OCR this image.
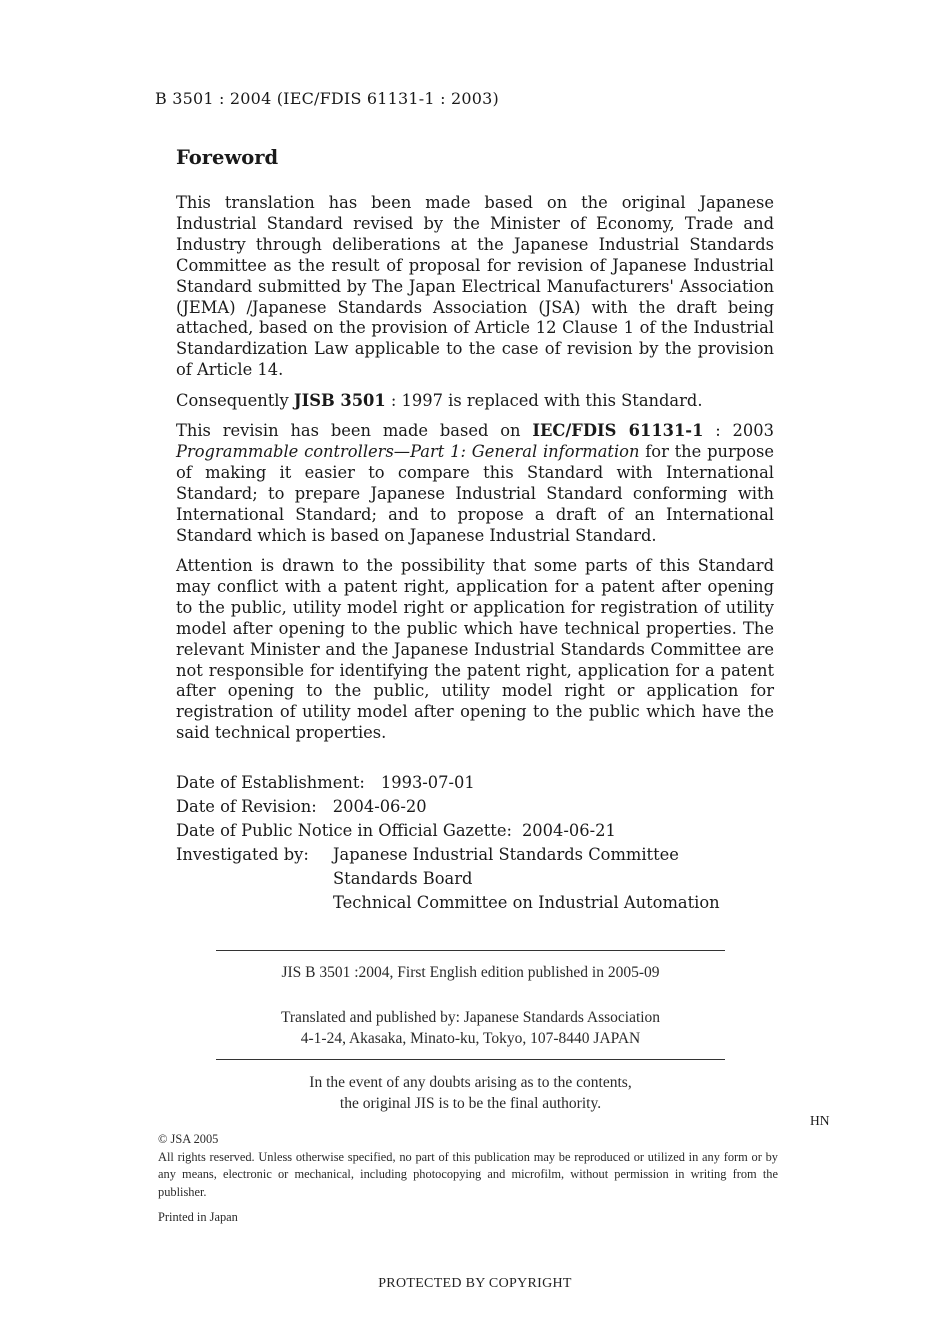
B 3501 : 2004 (IEC/FDIS 61131-1 : 2003)
Foreword

This translation has been made based on the original Japanese Industrial Standard revised by the Minister of Economy, Trade and Industry through deliberations at the Japanese Industrial Standards Committee as the result of proposal for revision of Japanese Industrial Standard submitted by The Japan Electrical Manufacturers' Association (JEMA) /Japanese Standards Association (JSA) with the draft being attached, based on the provision of Article 12 Clause 1 of the Industrial Standardization Law applicable to the case of revision by the provision of Article 14.

Consequently JISB 3501 : 1997 is replaced with this Standard.

This revisin has been made based on IEC/FDIS 61131-1 : 2003 Programmable controllers—Part 1: General information for the purpose of making it easier to compare this Standard with International Standard; to prepare Japanese Industrial Standard conforming with International Standard; and to propose a draft of an International Standard which is based on Japanese Industrial Standard.

Attention is drawn to the possibility that some parts of this Standard may conflict with a patent right, application for a patent after opening to the public, utility model right or application for registration of utility model after opening to the public which have technical properties. The relevant Minister and the Japanese Industrial Standards Committee are not responsible for identifying the patent right, application for a patent after opening to the public, utility model right or application for registration of utility model after opening to the public which have the said technical properties.

Date of Establishment: 1993-07-01
Date of Revision: 2004-06-20
Date of Public Notice in Official Gazette: 2004-06-21
Investigated by: Japanese Industrial Standards Committee
Standards Board
Technical Committee on Industrial Automation
JIS B 3501 :2004, First English edition published in 2005-09
Translated and published by: Japanese Standards Association
4-1-24, Akasaka, Minato-ku, Tokyo, 107-8440 JAPAN
In the event of any doubts arising as to the contents,
the original JIS is to be the final authority.
HN
© JSA 2005

All rights reserved. Unless otherwise specified, no part of this publication may be reproduced or utilized in any form or by any means, electronic or mechanical, including photocopying and microfilm, without permission in writing from the publisher.

Printed in Japan
PROTECTED BY COPYRIGHT
